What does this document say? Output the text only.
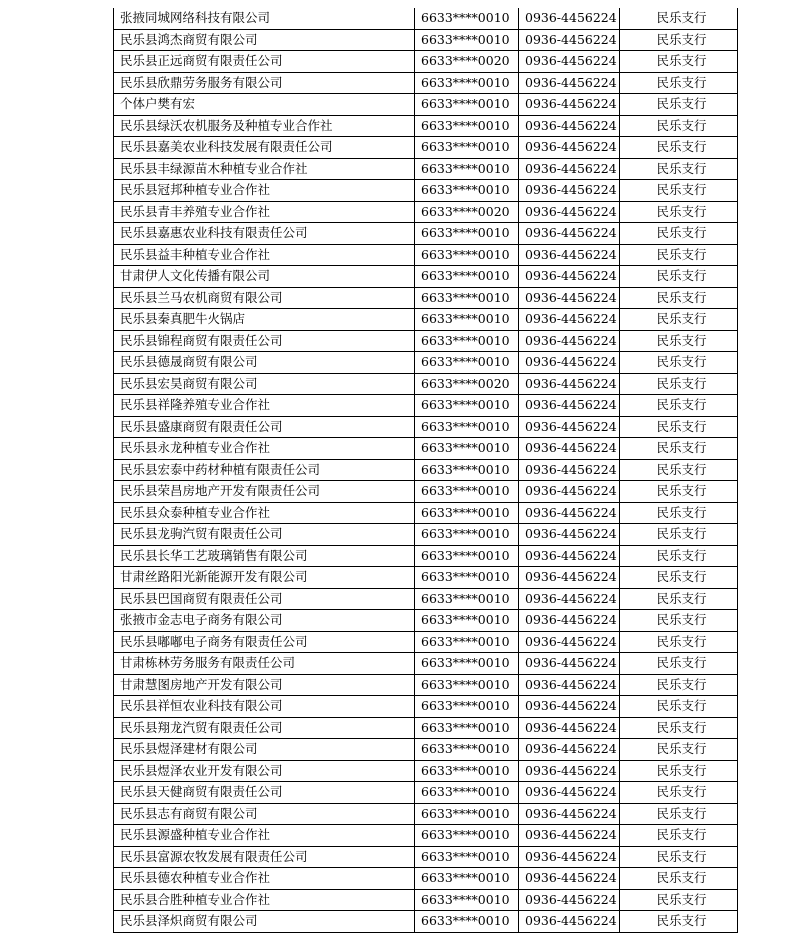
张掖同城网络科技有限公司	6633****0010	0936-4456224	民乐支行
民乐县鸿杰商贸有限公司	6633****0010	0936-4456224	民乐支行
民乐县正远商贸有限责任公司	6633****0020	0936-4456224	民乐支行
民乐县欣鼎劳务服务有限公司	6633****0010	0936-4456224	民乐支行
个体户樊有宏	6633****0010	0936-4456224	民乐支行
民乐县绿沃农机服务及种植专业合作社	6633****0010	0936-4456224	民乐支行
民乐县嘉美农业科技发展有限责任公司	6633****0010	0936-4456224	民乐支行
民乐县丰绿源苗木种植专业合作社	6633****0010	0936-4456224	民乐支行
民乐县冠邦种植专业合作社	6633****0010	0936-4456224	民乐支行
民乐县青丰养殖专业合作社	6633****0020	0936-4456224	民乐支行
民乐县嘉惠农业科技有限责任公司	6633****0010	0936-4456224	民乐支行
民乐县益丰种植专业合作社	6633****0010	0936-4456224	民乐支行
甘肃伊人文化传播有限公司	6633****0010	0936-4456224	民乐支行
民乐县兰马农机商贸有限公司	6633****0010	0936-4456224	民乐支行
民乐县秦真肥牛火锅店	6633****0010	0936-4456224	民乐支行
民乐县锦程商贸有限责任公司	6633****0010	0936-4456224	民乐支行
民乐县德晟商贸有限公司	6633****0010	0936-4456224	民乐支行
民乐县宏昊商贸有限公司	6633****0020	0936-4456224	民乐支行
民乐县祥隆养殖专业合作社	6633****0010	0936-4456224	民乐支行
民乐县盛康商贸有限责任公司	6633****0010	0936-4456224	民乐支行
民乐县永龙种植专业合作社	6633****0010	0936-4456224	民乐支行
民乐县宏泰中药材种植有限责任公司	6633****0010	0936-4456224	民乐支行
民乐县荣昌房地产开发有限责任公司	6633****0010	0936-4456224	民乐支行
民乐县众泰种植专业合作社	6633****0010	0936-4456224	民乐支行
民乐县龙驹汽贸有限责任公司	6633****0010	0936-4456224	民乐支行
民乐县长华工艺玻璃销售有限公司	6633****0010	0936-4456224	民乐支行
甘肃丝路阳光新能源开发有限公司	6633****0010	0936-4456224	民乐支行
民乐县巴国商贸有限责任公司	6633****0010	0936-4456224	民乐支行
张掖市金志电子商务有限公司	6633****0010	0936-4456224	民乐支行
民乐县嘟嘟电子商务有限责任公司	6633****0010	0936-4456224	民乐支行
甘肃栋林劳务服务有限责任公司	6633****0010	0936-4456224	民乐支行
甘肃慧图房地产开发有限公司	6633****0010	0936-4456224	民乐支行
民乐县祥恒农业科技有限公司	6633****0010	0936-4456224	民乐支行
民乐县翔龙汽贸有限责任公司	6633****0010	0936-4456224	民乐支行
民乐县煜泽建材有限公司	6633****0010	0936-4456224	民乐支行
民乐县煜泽农业开发有限公司	6633****0010	0936-4456224	民乐支行
民乐县天健商贸有限责任公司	6633****0010	0936-4456224	民乐支行
民乐县志有商贸有限公司	6633****0010	0936-4456224	民乐支行
民乐县源盛种植专业合作社	6633****0010	0936-4456224	民乐支行
民乐县富源农牧发展有限责任公司	6633****0010	0936-4456224	民乐支行
民乐县德农种植专业合作社	6633****0010	0936-4456224	民乐支行
民乐县合胜种植专业合作社	6633****0010	0936-4456224	民乐支行
民乐县泽炽商贸有限公司	6633****0010	0936-4456224	民乐支行
